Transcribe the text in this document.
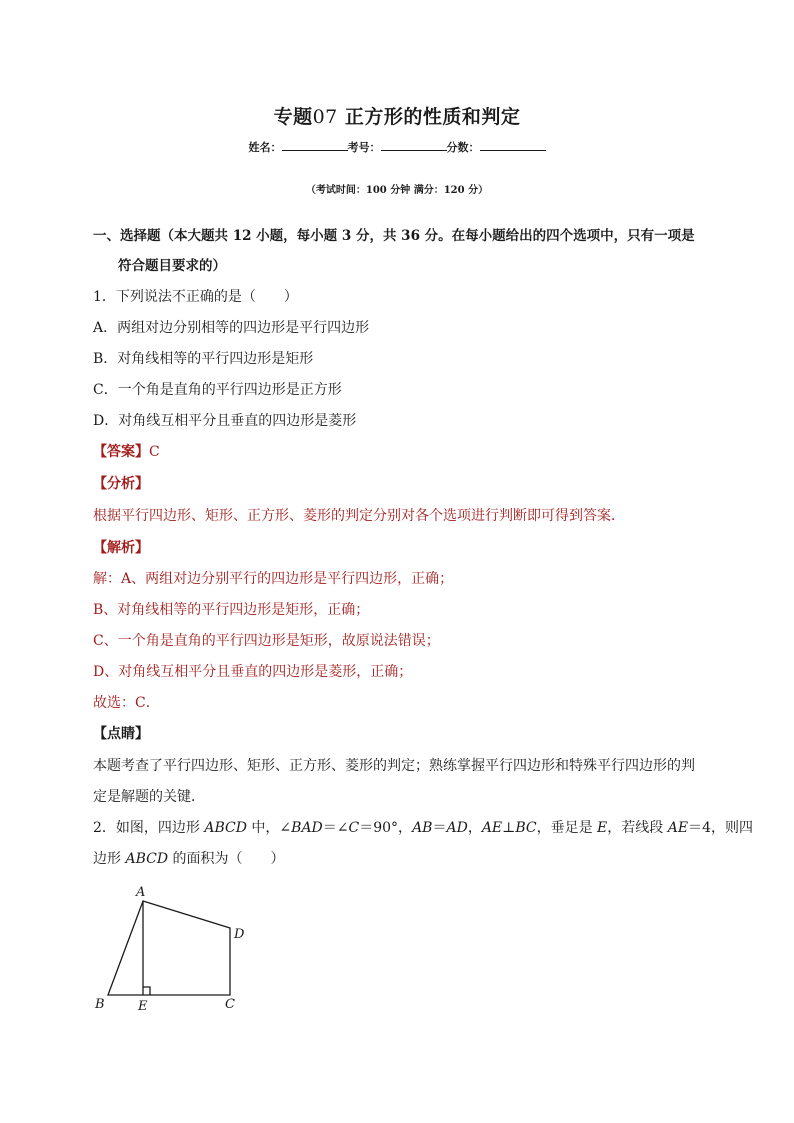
专题07 正方形的性质和判定
姓名：	考号：	分数：
（考试时间：100 分钟 满分：120 分）
一、选择题（本大题共 12 小题，每小题 3 分，共 36 分。在每小题给出的四个选项中，只有一项是
符合题目要求的）
1．下列说法不正确的是（　　）
A．两组对边分别相等的四边形是平行四边形
B．对角线相等的平行四边形是矩形
C．一个角是直角的平行四边形是正方形
D．对角线互相平分且垂直的四边形是菱形
【答案】C
【分析】
根据平行四边形、矩形、正方形、菱形的判定分别对各个选项进行判断即可得到答案．
【解析】
解：A、两组对边分别平行的四边形是平行四边形，正确；
B、对角线相等的平行四边形是矩形，正确；
C、一个角是直角的平行四边形是矩形，故原说法错误；
D、对角线互相平分且垂直的四边形是菱形，正确；
故选：C．
【点睛】
本题考查了平行四边形、矩形、正方形、菱形的判定；熟练掌握平行四边形和特殊平行四边形的判
定是解题的关键．
2．如图，四边形 ABCD 中，∠BAD＝∠C＝90°，AB＝AD，AE⊥BC，垂足是 E，若线段 AE＝4，则四
边形 ABCD 的面积为（　　）
A
D
B	E	C
